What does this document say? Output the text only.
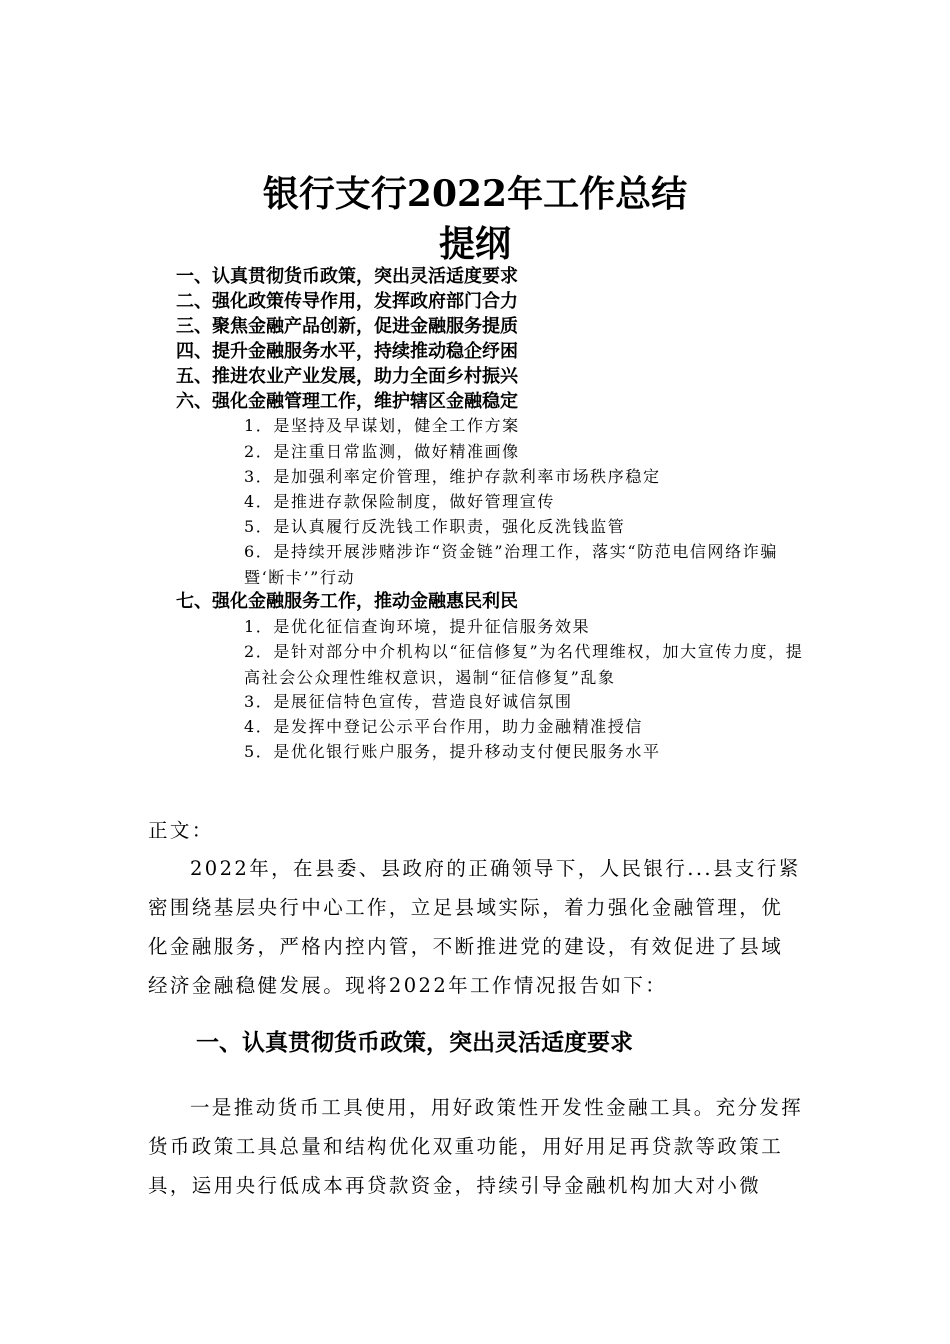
银行支行2022年工作总结
提纲
一、认真贯彻货币政策，突出灵活适度要求
二、强化政策传导作用，发挥政府部门合力
三、聚焦金融产品创新，促进金融服务提质
四、提升金融服务水平，持续推动稳企纾困
五、推进农业产业发展，助力全面乡村振兴
六、强化金融管理工作，维护辖区金融稳定
1．是坚持及早谋划，健全工作方案
2．是注重日常监测，做好精准画像
3．是加强利率定价管理，维护存款利率市场秩序稳定
4．是推进存款保险制度，做好管理宣传
5．是认真履行反洗钱工作职责，强化反洗钱监管
6．是持续开展涉赌涉诈“资金链”治理工作，落实“防范电信网络诈骗暨‘断卡’”行动
七、强化金融服务工作，推动金融惠民利民
1．是优化征信查询环境，提升征信服务效果
2．是针对部分中介机构以“征信修复”为名代理维权，加大宣传力度，提高社会公众理性维权意识，遏制“征信修复”乱象
3．是展征信特色宣传，营造良好诚信氛围
4．是发挥中登记公示平台作用，助力金融精准授信
5．是优化银行账户服务，提升移动支付便民服务水平
正文：
2022年，在县委、县政府的正确领导下，人民银行...县支行紧密围绕基层央行中心工作，立足县域实际，着力强化金融管理，优化金融服务，严格内控内管，不断推进党的建设，有效促进了县域经济金融稳健发展。现将2022年工作情况报告如下：
一、认真贯彻货币政策，突出灵活适度要求
一是推动货币工具使用，用好政策性开发性金融工具。充分发挥货币政策工具总量和结构优化双重功能，用好用足再贷款等政策工具，运用央行低成本再贷款资金，持续引导金融机构加大对小微
